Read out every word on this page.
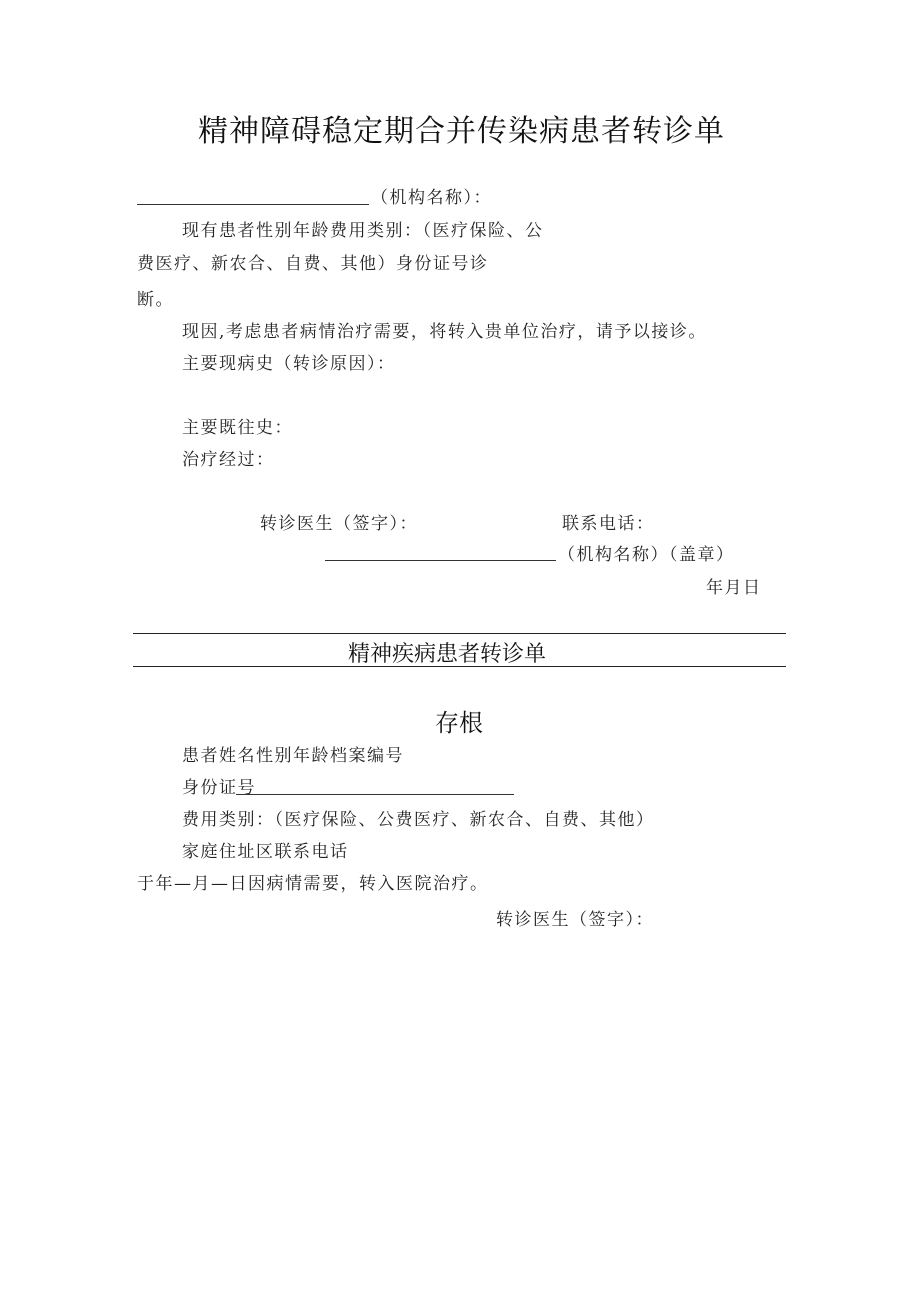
精神障碍稳定期合并传染病患者转诊单
（机构名称）：
现有患者性别年龄费用类别：（医疗保险、公
费医疗、新农合、自费、其他）身份证号诊
断。
现因,考虑患者病情治疗需要，将转入贵单位治疗，请予以接诊。
主要现病史（转诊原因）：
主要既往史：
治疗经过：
转诊医生（签字）：	联系电话：
（机构名称）（盖章）
年月日
精神疾病患者转诊单
存根
患者姓名性别年龄档案编号
身份证号
费用类别：（医疗保险、公费医疗、新农合、自费、其他）
家庭住址区联系电话
于年—月—日因病情需要，转入医院治疗。
转诊医生（签字）：
